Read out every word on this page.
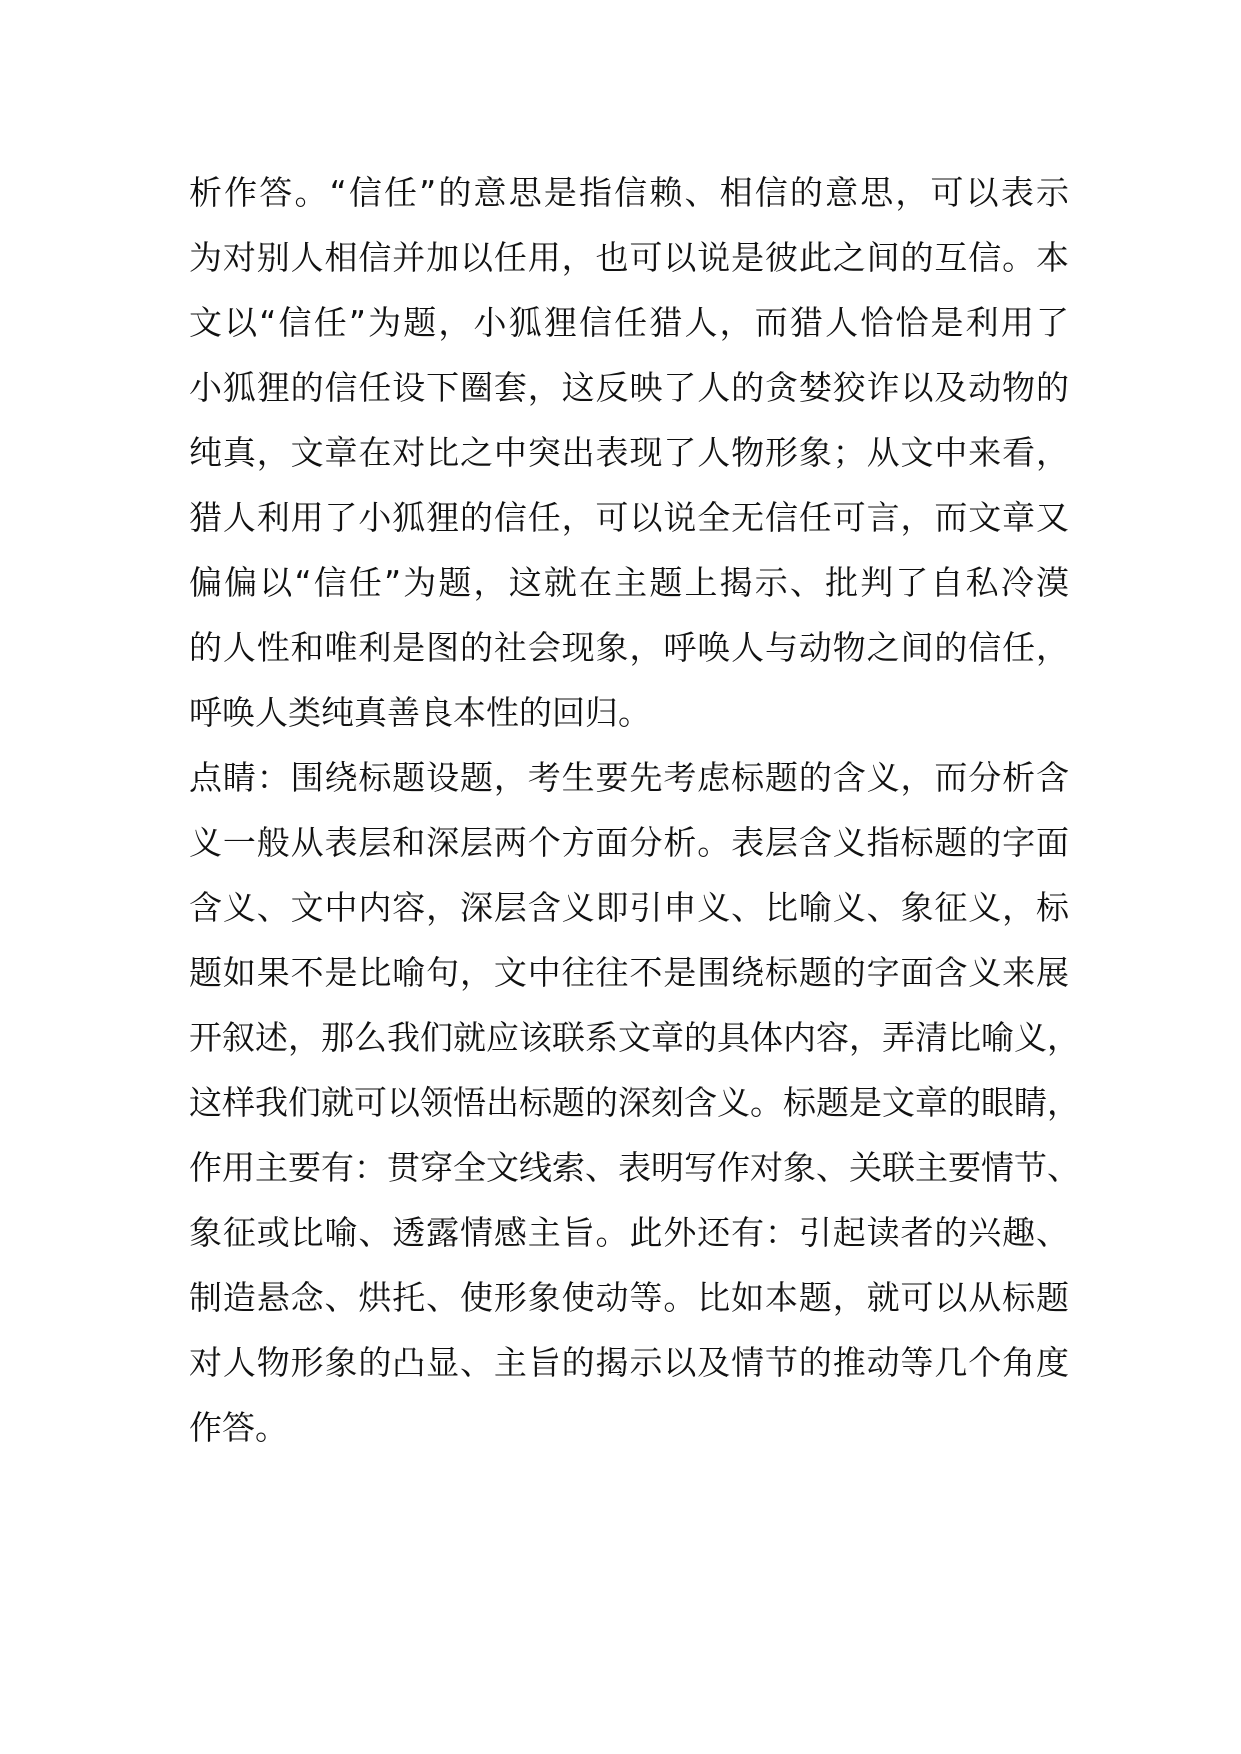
析作答。“信任”的意思是指信赖、相信的意思，可以表示
为对别人相信并加以任用，也可以说是彼此之间的互信。本
文以“信任”为题，小狐狸信任猎人，而猎人恰恰是利用了
小狐狸的信任设下圈套，这反映了人的贪婪狡诈以及动物的
纯真，文章在对比之中突出表现了人物形象；从文中来看，
猎人利用了小狐狸的信任，可以说全无信任可言，而文章又
偏偏以“信任”为题，这就在主题上揭示、批判了自私冷漠
的人性和唯利是图的社会现象，呼唤人与动物之间的信任，
呼唤人类纯真善良本性的回归。
点睛：围绕标题设题，考生要先考虑标题的含义，而分析含
义一般从表层和深层两个方面分析。表层含义指标题的字面
含义、文中内容，深层含义即引申义、比喻义、象征义，标
题如果不是比喻句，文中往往不是围绕标题的字面含义来展
开叙述，那么我们就应该联系文章的具体内容，弄清比喻义，
这样我们就可以领悟出标题的深刻含义。标题是文章的眼睛，
作用主要有：贯穿全文线索、表明写作对象、关联主要情节、
象征或比喻、透露情感主旨。此外还有：引起读者的兴趣、
制造悬念、烘托、使形象使动等。比如本题，就可以从标题
对人物形象的凸显、主旨的揭示以及情节的推动等几个角度
作答。
